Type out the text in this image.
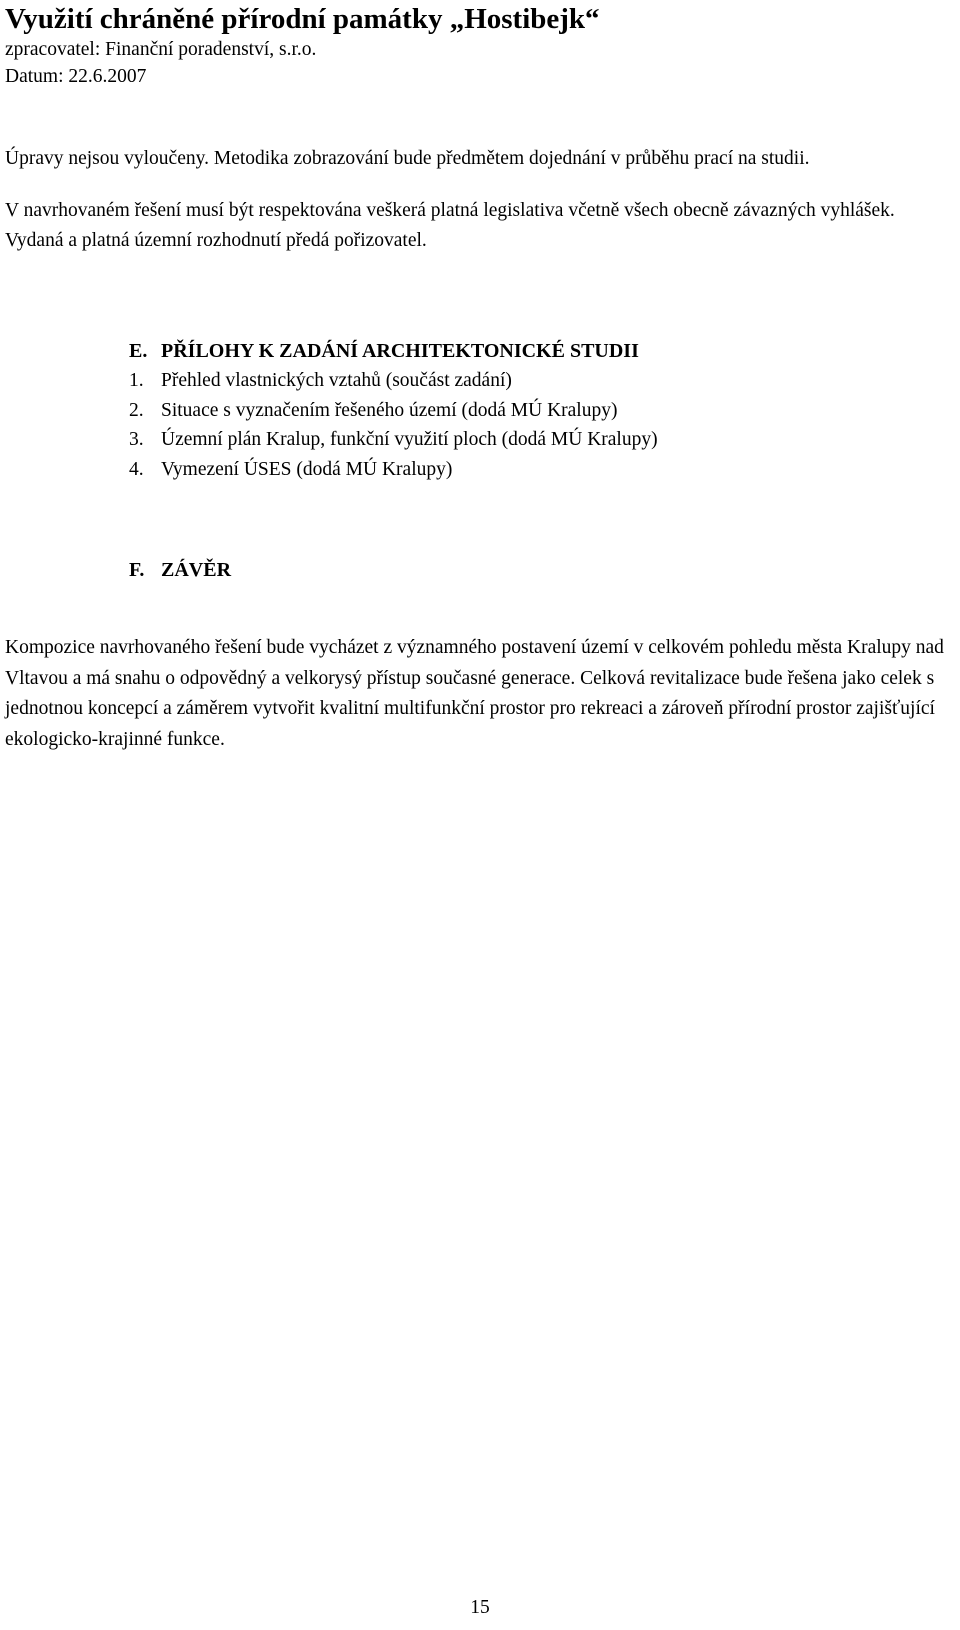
Využití chráněné přírodní památky „Hostibejk“

zpracovatel: Finanční poradenství, s.r.o.

Datum: 22.6.2007

Úpravy nejsou vyloučeny. Metodika zobrazování bude předmětem dojednání v průběhu prací na studii.

V navrhovaném řešení musí být respektována veškerá platná legislativa včetně všech obecně závazných vyhlášek. Vydaná a platná územní rozhodnutí předá pořizovatel.

E. PŘÍLOHY K ZADÁNÍ ARCHITEKTONICKÉ STUDII
1. Přehled vlastnických vztahů (součást zadání)
2. Situace s vyznačením řešeného území (dodá MÚ Kralupy)
3. Územní plán Kralup, funkční využití ploch (dodá MÚ Kralupy)
4. Vymezení ÚSES (dodá MÚ Kralupy)
F. ZÁVĚR

Kompozice navrhovaného řešení bude vycházet z významného postavení území v celkovém pohledu města Kralupy nad Vltavou a má snahu o odpovědný a velkorysý přístup současné generace. Celková revitalizace bude řešena jako celek s jednotnou koncepcí a záměrem vytvořit kvalitní multifunkční prostor pro rekreaci a zároveň přírodní prostor zajišťující ekologicko-krajinné funkce.

15
